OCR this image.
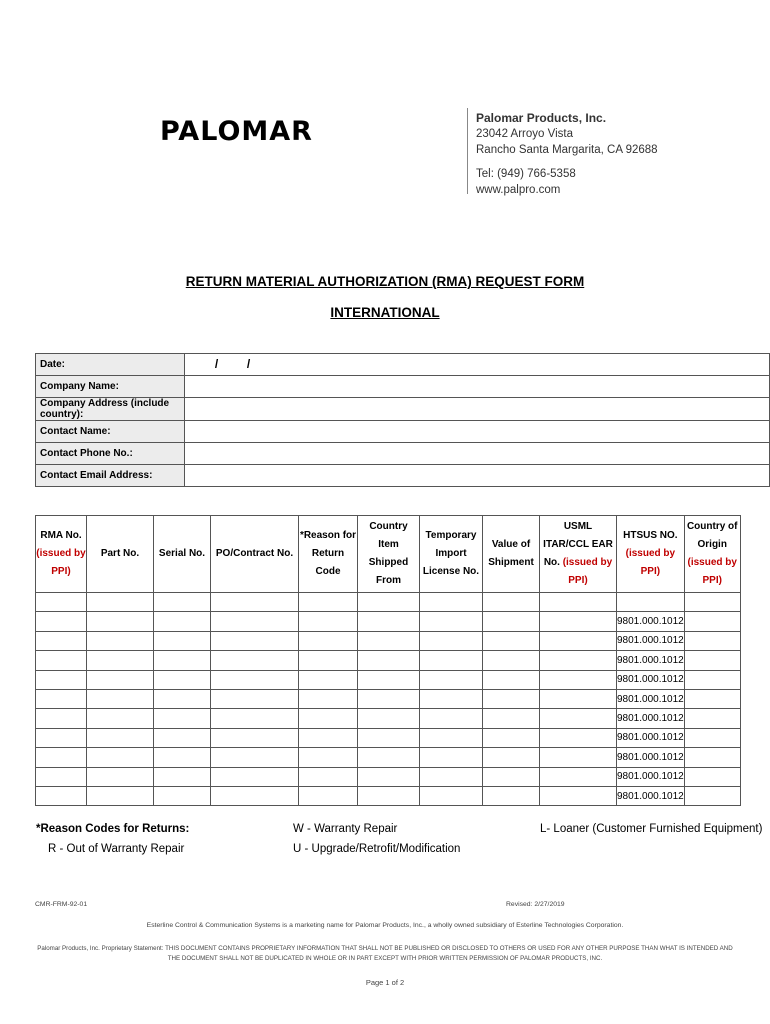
PALOMAR	Palomar Products, Inc.
23042 Arroyo Vista
Rancho Santa Margarita, CA 92688
Tel: (949) 766-5358
www.palpro.com
RETURN MATERIAL AUTHORIZATION (RMA) REQUEST FORM
INTERNATIONAL
Date:	/ /

Company Name:	
Company Address (include country):	
Contact Name:	
Contact Phone No.:	
Contact Email Address:	
RMA No. (issued by PPI)	Part No.	Serial No.	PO/Contract No.	*Reason for Return Code	Country Item Shipped From	Temporary Import License No.	Value of Shipment	USML ITAR/CCL EAR No. (issued by PPI)	HTSUS NO. (issued by PPI)	Country of Origin (issued by PPI)

									9801.000.1012	
									9801.000.1012	
									9801.000.1012	
									9801.000.1012	
									9801.000.1012	
									9801.000.1012	
									9801.000.1012	
									9801.000.1012	
									9801.000.1012	
									9801.000.1012	
*Reason Codes for Returns:
R - Out of Warranty Repair
W - Warranty Repair
U - Upgrade/Retrofit/Modification
L- Loaner (Customer Furnished Equipment)
CMR-FRM-92-01	Revised: 2/27/2019
Esterline Control & Communication Systems is a marketing name for Palomar Products, Inc., a wholly owned subsidiary of Esterline Technologies Corporation.
Palomar Products, Inc. Proprietary Statement: THIS DOCUMENT CONTAINS PROPRIETARY INFORMATION THAT SHALL NOT BE PUBLISHED OR DISCLOSED TO OTHERS OR USED FOR ANY OTHER PURPOSE THAN WHAT IS INTENDED AND THE DOCUMENT SHALL NOT BE DUPLICATED IN WHOLE OR IN PART EXCEPT WITH PRIOR WRITTEN PERMISSION OF PALOMAR PRODUCTS, INC.
Page 1 of 2
